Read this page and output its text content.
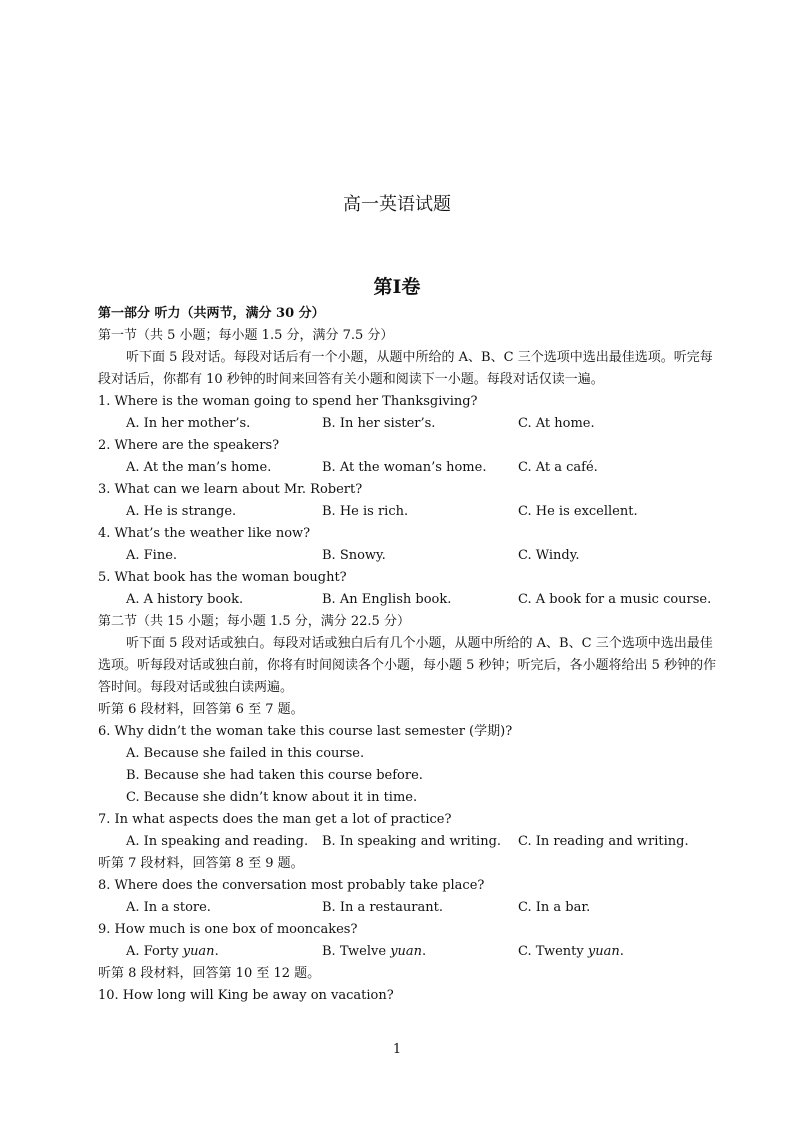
高一英语试题
第Ⅰ卷
第一部分 听力（共两节，满分 30 分）
第一节（共 5 小题；每小题 1.5 分，满分 7.5 分）
听下面 5 段对话。每段对话后有一个小题，从题中所给的 A、B、C 三个选项中选出最佳选项。听完每段对话后，你都有 10 秒钟的时间来回答有关小题和阅读下一小题。每段对话仅读一遍。
1. Where is the woman going to spend her Thanksgiving?
A. In her mother’s.	B. In her sister’s.	C. At home.
2. Where are the speakers?
A. At the man’s home.	B. At the woman’s home. C. At a café.
3. What can we learn about Mr. Robert?
A. He is strange.	B. He is rich.	C. He is excellent.
4. What’s the weather like now?
A. Fine.	B. Snowy.	C. Windy.
5. What book has the woman bought?
A. A history book.	B. An English book.	C. A book for a music course.
第二节（共 15 小题；每小题 1.5 分，满分 22.5 分）
听下面 5 段对话或独白。每段对话或独白后有几个小题，从题中所给的 A、B、C 三个选项中选出最佳选项。听每段对话或独白前，你将有时间阅读各个小题，每小题 5 秒钟；听完后，各小题将给出 5 秒钟的作答时间。每段对话或独白读两遍。
听第 6 段材料，回答第 6 至 7 题。
6. Why didn’t the woman take this course last semester (学期)?
A. Because she failed in this course.
B. Because she had taken this course before.
C. Because she didn’t know about it in time.
7. In what aspects does the man get a lot of practice?
A. In speaking and reading. B. In speaking and writing. C. In reading and writing.
听第 7 段材料，回答第 8 至 9 题。
8. Where does the conversation most probably take place?
A. In a store.	B. In a restaurant.	C. In a bar.
9. How much is one box of mooncakes?
A. Forty yuan.	B. Twelve yuan.	C. Twenty yuan.
听第 8 段材料，回答第 10 至 12 题。
10. How long will King be away on vacation?
1
